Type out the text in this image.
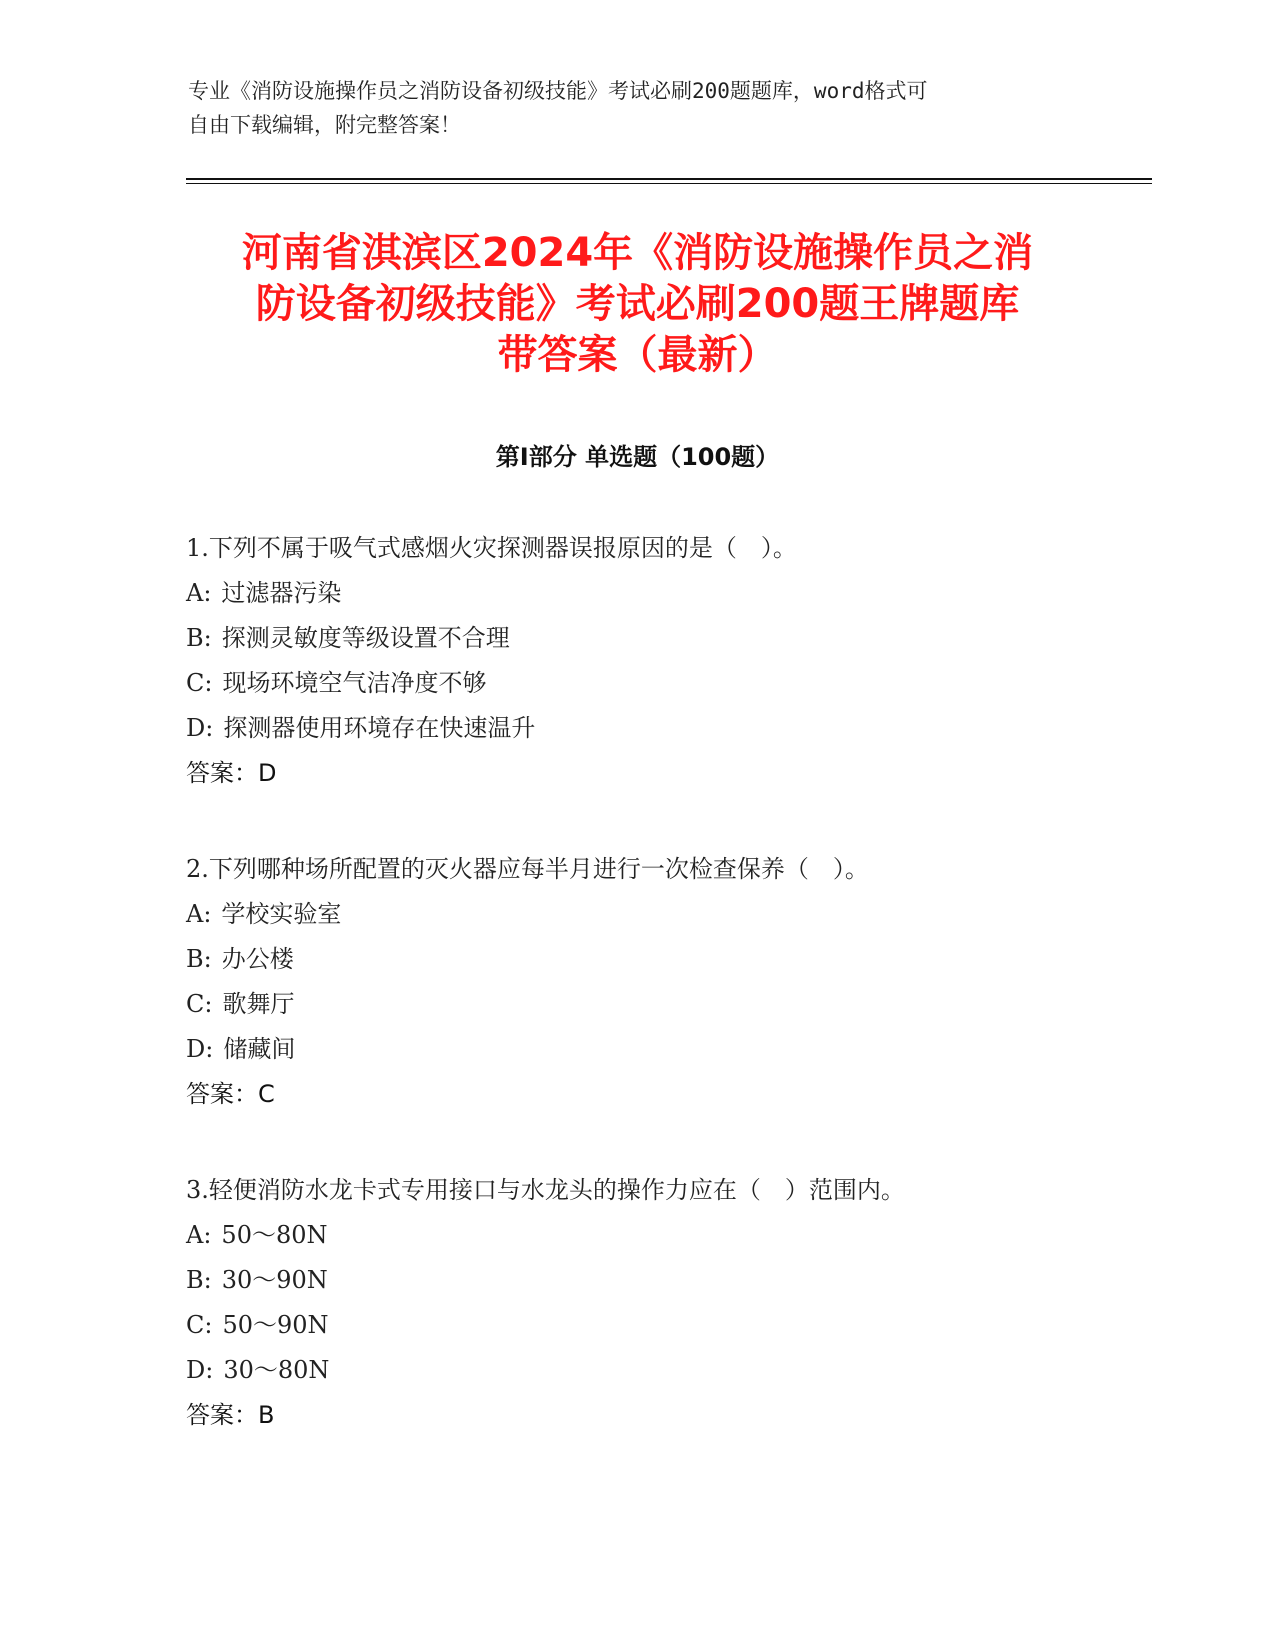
专业《消防设施操作员之消防设备初级技能》考试必刷200题题库，word格式可
自由下载编辑，附完整答案！
河南省淇滨区2024年《消防设施操作员之消
防设备初级技能》考试必刷200题王牌题库
带答案（最新）
第Ⅰ部分 单选题（100题）
1.下列不属于吸气式感烟火灾探测器误报原因的是（　）。
A: 过滤器污染
B: 探测灵敏度等级设置不合理
C: 现场环境空气洁净度不够
D: 探测器使用环境存在快速温升
答案：D
2.下列哪种场所配置的灭火器应每半月进行一次检查保养（　）。
A: 学校实验室
B: 办公楼
C: 歌舞厅
D: 储藏间
答案：C
3.轻便消防水龙卡式专用接口与水龙头的操作力应在（　）范围内。
A: 50～80N
B: 30～90N
C: 50～90N
D: 30～80N
答案：B
